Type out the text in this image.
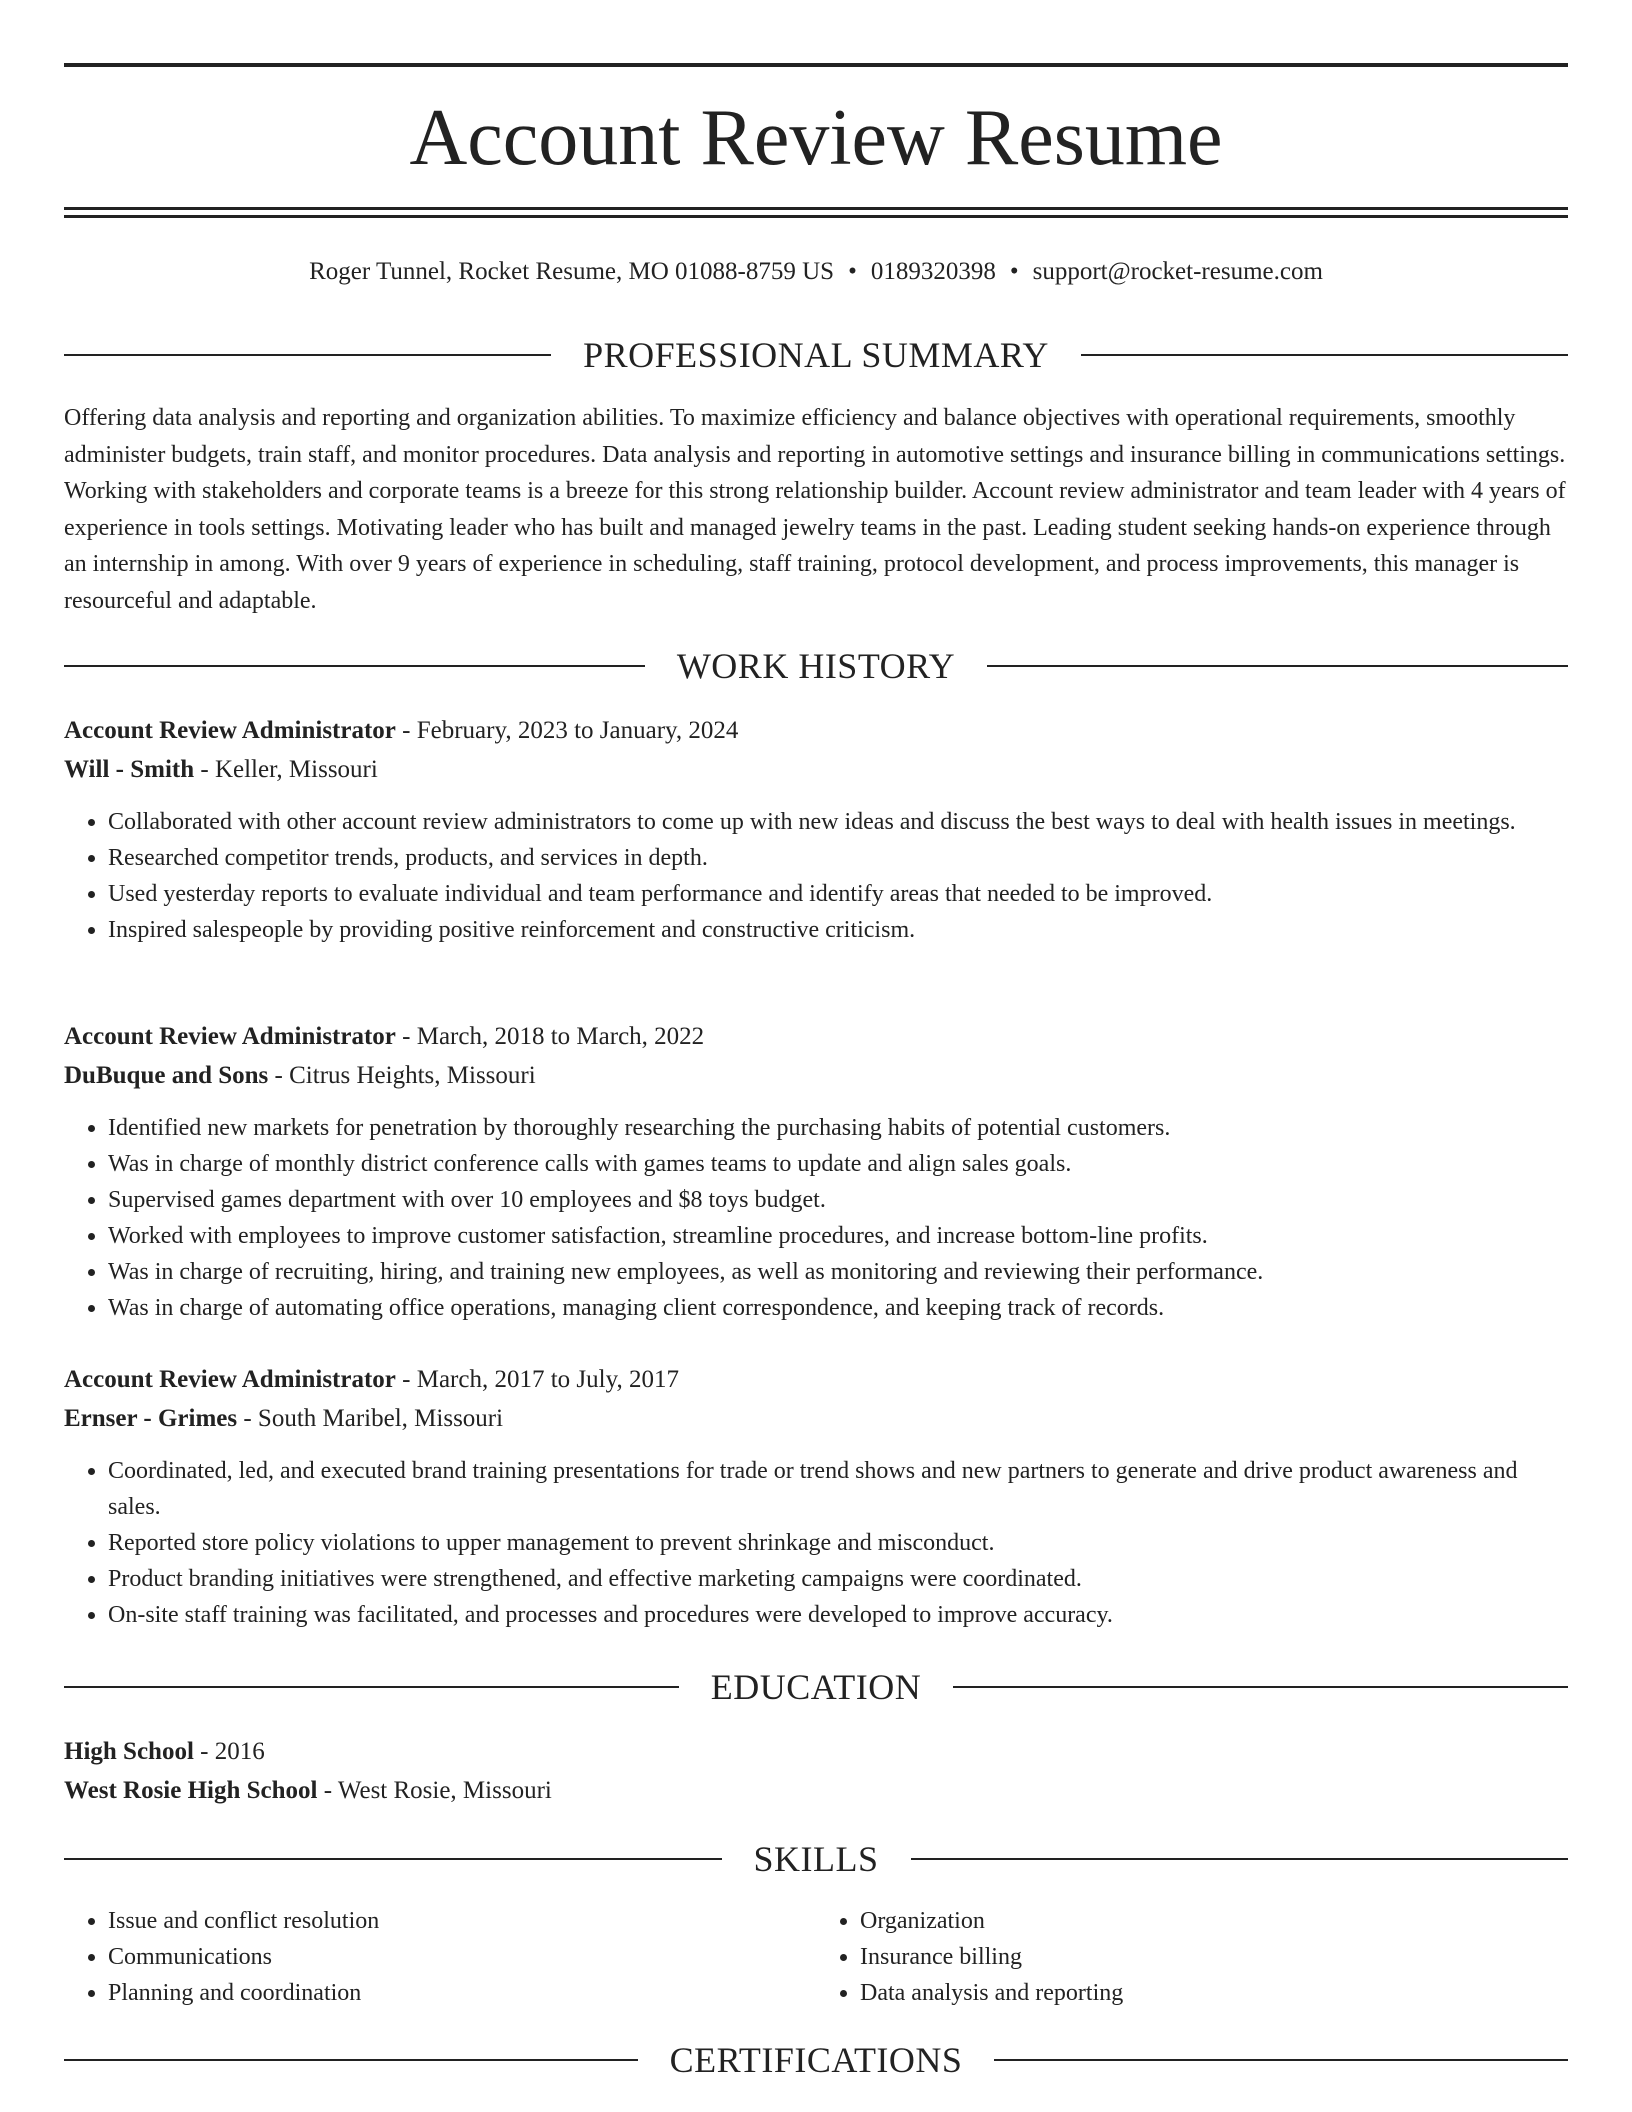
Account Review Resume
Roger Tunnel, Rocket Resume, MO 01088-8759 US • 0189320398 • support@rocket-resume.com
PROFESSIONAL SUMMARY

Offering data analysis and reporting and organization abilities. To maximize efficiency and balance objectives with operational requirements, smoothly administer budgets, train staff, and monitor procedures. Data analysis and reporting in automotive settings and insurance billing in communications settings. Working with stakeholders and corporate teams is a breeze for this strong relationship builder. Account review administrator and team leader with 4 years of experience in tools settings. Motivating leader who has built and managed jewelry teams in the past. Leading student seeking hands-on experience through an internship in among. With over 9 years of experience in scheduling, staff training, protocol development, and process improvements, this manager is resourceful and adaptable.

WORK HISTORY
Account Review Administrator - February, 2023 to January, 2024
Will - Smith - Keller, Missouri
• Collaborated with other account review administrators to come up with new ideas and discuss the best ways to deal with health issues in meetings.
• Researched competitor trends, products, and services in depth.
• Used yesterday reports to evaluate individual and team performance and identify areas that needed to be improved.
• Inspired salespeople by providing positive reinforcement and constructive criticism.
Account Review Administrator - March, 2018 to March, 2022
DuBuque and Sons - Citrus Heights, Missouri
• Identified new markets for penetration by thoroughly researching the purchasing habits of potential customers.
• Was in charge of monthly district conference calls with games teams to update and align sales goals.
• Supervised games department with over 10 employees and $8 toys budget.
• Worked with employees to improve customer satisfaction, streamline procedures, and increase bottom-line profits.
• Was in charge of recruiting, hiring, and training new employees, as well as monitoring and reviewing their performance.
• Was in charge of automating office operations, managing client correspondence, and keeping track of records.
Account Review Administrator - March, 2017 to July, 2017
Ernser - Grimes - South Maribel, Missouri
• Coordinated, led, and executed brand training presentations for trade or trend shows and new partners to generate and drive product awareness and sales.
• Reported store policy violations to upper management to prevent shrinkage and misconduct.
• Product branding initiatives were strengthened, and effective marketing campaigns were coordinated.
• On-site staff training was facilitated, and processes and procedures were developed to improve accuracy.
EDUCATION
High School - 2016
West Rosie High School - West Rosie, Missouri
SKILLS
• Issue and conflict resolution
• Communications
• Planning and coordination
• Organization
• Insurance billing
• Data analysis and reporting
CERTIFICATIONS
